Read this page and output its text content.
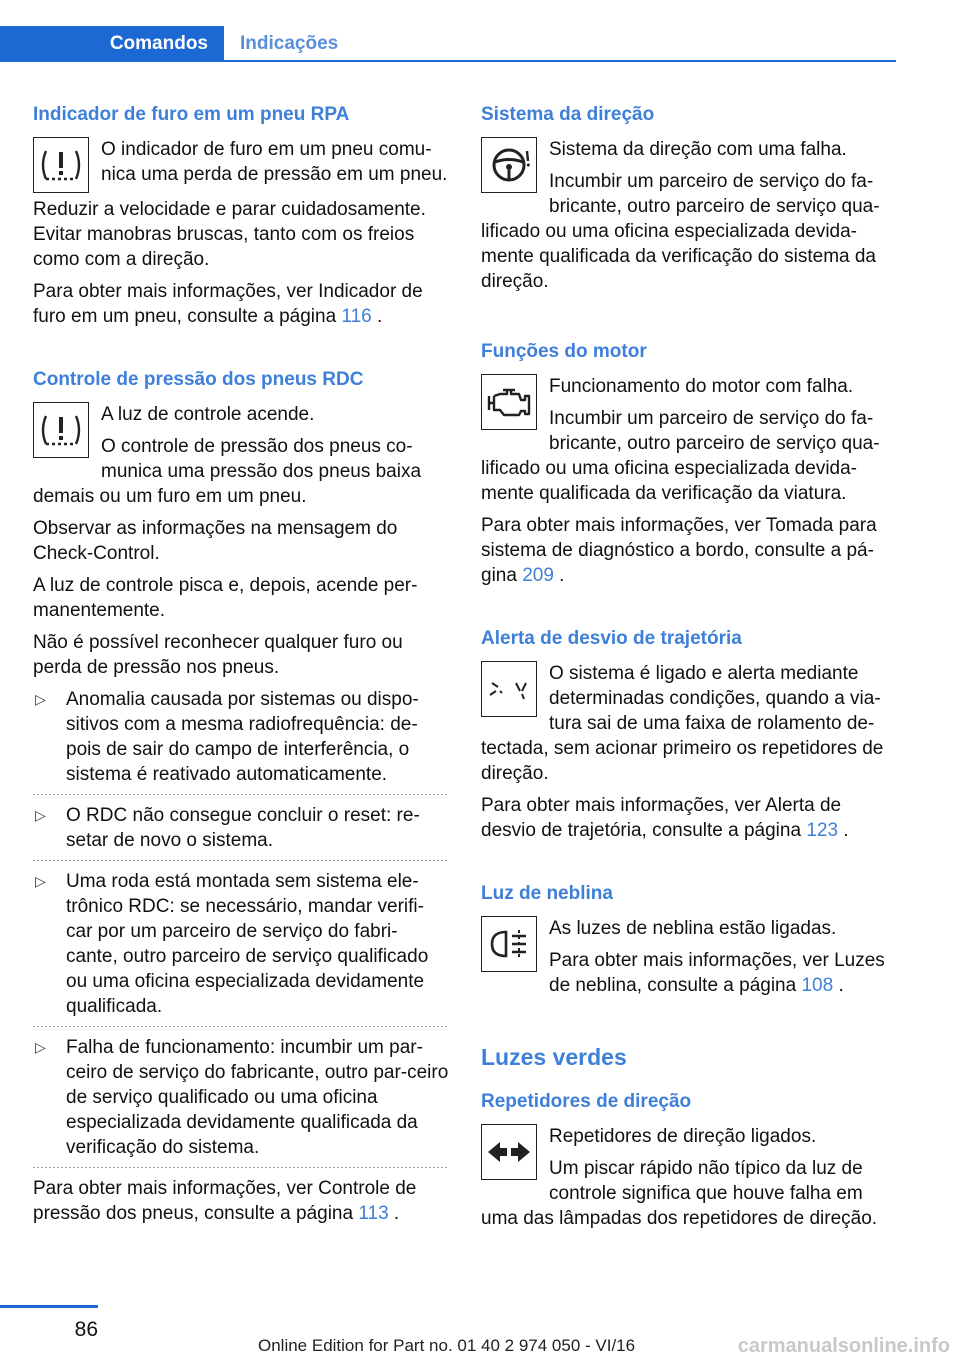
Comandos	Indicações
Indicador de furo em um pneu RPA

O indicador de furo em um pneu comu‐nica uma perda de pressão em um pneu.

Reduzir a velocidade e parar cuidadosamente. Evitar manobras bruscas, tanto com os freios como com a direção.

Para obter mais informações, ver Indicador de furo em um pneu, consulte a página 116 .

Controle de pressão dos pneus RDC

A luz de controle acende.

O controle de pressão dos pneus co‐munica uma pressão dos pneus baixa demais ou um furo em um pneu.

Observar as informações na mensagem do Check-Control.

A luz de controle pisca e, depois, acende per‐manentemente.

Não é possível reconhecer qualquer furo ou perda de pressão nos pneus.

▷ Anomalia causada por sistemas ou dispo‐sitivos com a mesma radiofrequência: de‐pois de sair do campo de interferência, o sistema é reativado automaticamente.
▷ O RDC não consegue concluir o reset: re‐setar de novo o sistema.
▷ Uma roda está montada sem sistema ele‐trônico RDC: se necessário, mandar verifi‐car por um parceiro de serviço do fabri‐cante, outro parceiro de serviço qualificado ou uma oficina especializada devidamente qualificada.
▷ Falha de funcionamento: incumbir um par‐ceiro de serviço do fabricante, outro par‐ceiro de serviço qualificado ou uma oficina especializada devidamente qualificada da verificação do sistema.

Para obter mais informações, ver Controle de pressão dos pneus, consulte a página 113 .

Sistema da direção

Sistema da direção com uma falha.

Incumbir um parceiro de serviço do fa‐bricante, outro parceiro de serviço qua‐lificado ou uma oficina especializada devida‐mente qualificada da verificação do sistema da direção.

Funções do motor

Funcionamento do motor com falha.

Incumbir um parceiro de serviço do fa‐bricante, outro parceiro de serviço qua‐lificado ou uma oficina especializada devida‐mente qualificada da verificação da viatura.

Para obter mais informações, ver Tomada para sistema de diagnóstico a bordo, consulte a pá‐gina 209 .

Alerta de desvio de trajetória

O sistema é ligado e alerta mediante determinadas condições, quando a via‐tura sai de uma faixa de rolamento de‐tectada, sem acionar primeiro os repetidores de direção.

Para obter mais informações, ver Alerta de desvio de trajetória, consulte a página 123 .

Luz de neblina

As luzes de neblina estão ligadas.

Para obter mais informações, ver Luzes de neblina, consulte a página 108 .

Luzes verdes
Repetidores de direção

Repetidores de direção ligados.

Um piscar rápido não típico da luz de controle significa que houve falha em uma das lâmpadas dos repetidores de direção.

86
Online Edition for Part no. 01 40 2 974 050 - VI/16	carmanualsonline.info
